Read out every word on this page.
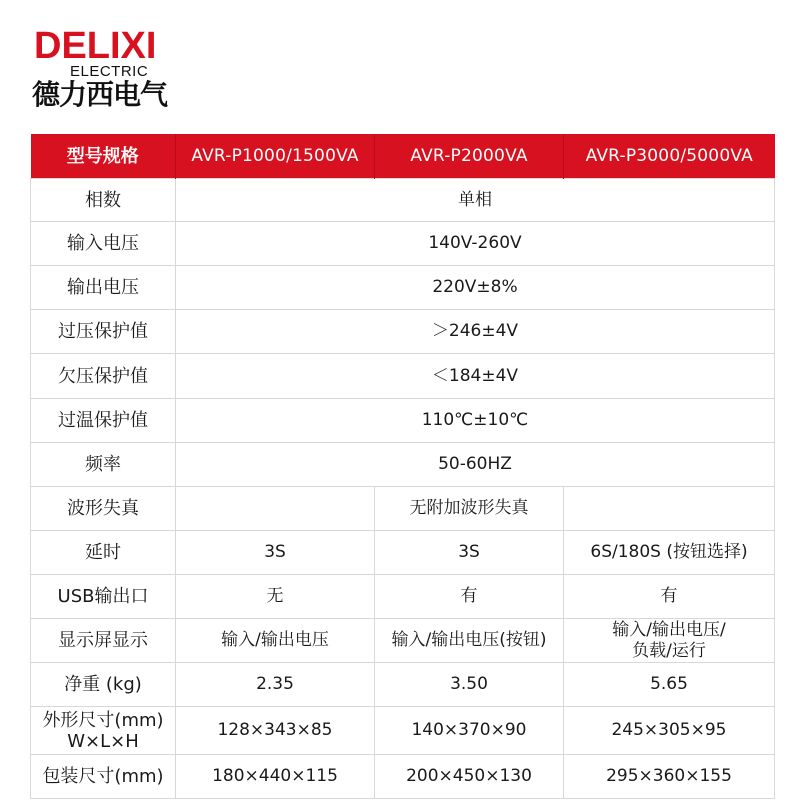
DELIXI
ELECTRIC
德力西电气
型号规格	AVR-P1000/1500VA	AVR-P2000VA	AVR-P3000/5000VA
相数	单相		
输入电压	140V-260V		
输出电压	220V±8%		
过压保护值	＞246±4V		
欠压保护值	＜184±4V		
过温保护值	110℃±10℃		
频率	50-60HZ		
波形失真		无附加波形失真	
延时	3S	3S	6S/180S (按钮选择)
USB输出口	无	有	有
显示屏显示	输入/输出电压	输入/输出电压(按钮)	输入/输出电压/
负载/运行

净重 (kg)	2.35	3.50	5.65

外形尺寸(mm)
W×L×H	128×343×85	140×370×90	245×305×95
包装尺寸(mm)	180×440×115	200×450×130	295×360×155
